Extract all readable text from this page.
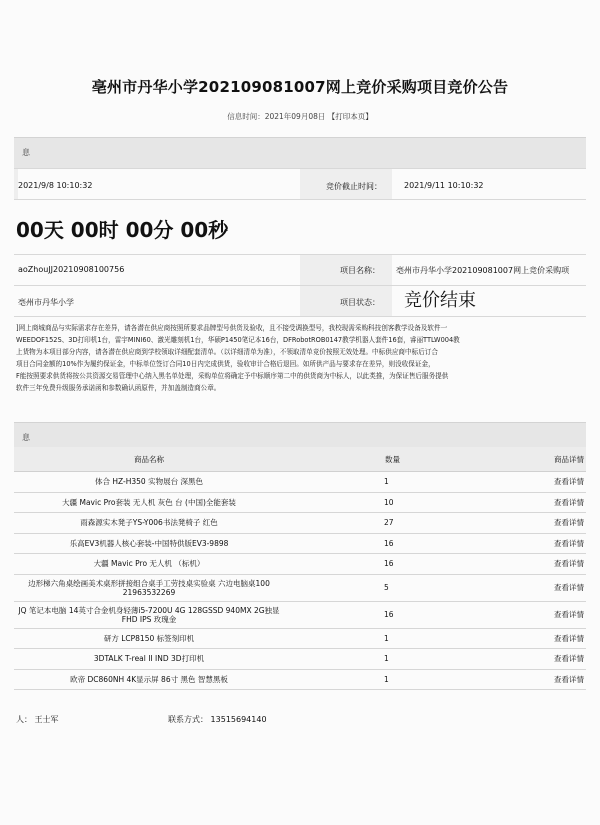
亳州市丹华小学202109081007网上竞价采购项目竞价公告
信息时间：2021年09月08日 【打印本页】
息
2021/9/8 10:10:32	竞价截止时间：	2021/9/11 10:10:32
00天 00时 00分 00秒
aoZhouJJ20210908100756	项目名称： 亳州市丹华小学202109081007网上竞价采购项
亳州市丹华小学	项目状态： 竞价结束
]网上商城商品与实际需求存在差异，请各潜在供应商按照所要求品牌型号供货及验收，且不接受调换型号，我校现需采购科技创客教学设备及软件一
WEEDOF152S、3D打印机1台，雷宇MINI60、激光雕刻机1台，华硕P1450笔记本16台，DFRobotROB0147教学机器人套件16套，睿丽TTLW004教
上货物为本项目部分内容，请各潜在供应商到学校领取详细配套清单。（以详细清单为准），不领取清单竞价按照无效处理。中标供应商中标后订合
项目合同金额的10%作为履约保证金，中标单位签订合同10日内完成供货，验收审计合格后退回。如所供产品与要求存在差异，则没收保证金，
F能按照要求供货将按公共资源交易管理中心纳入黑名单处理，采购单位将确定予中标顺序第二中的供货商为中标人，以此类推，为保证售后服务提供
软件三年免费升级服务承诺函和参数确认函原件，并加盖制造商公章。
息
商品名称		数量	商品详情
体合 HZ-H350 实物展台 深黑色		1	查看详情
大疆 Mavic Pro套装 无人机 灰色 台 (中国)全能套装		10	查看详情
雨森源实木凳子YS-Y006书法凳椅子 红色		27	查看详情
乐高EV3机器人核心套装-中国特供版EV3-9898		16	查看详情
大疆 Mavic Pro 无人机 （标机）		16	查看详情
边形梯六角桌绘画美术桌形拼接组合桌手工劳技桌实验桌 六边电脑桌100 21963532269		5	查看详情
JQ 笔记本电脑 14英寸合金机身轻薄i5-7200U 4G 128GSSD 940MX 2G独显 FHD IPS 玫瑰金		16	查看详情
研方 LCP8150 标签刻印机		1	查看详情
3DTALK T-real II IND 3D打印机		1	查看详情
欧帝 DC860NH 4K显示屏 86寸 黑色 智慧黑板		1	查看详情
人： 王士军	联系方式： 13515694140
